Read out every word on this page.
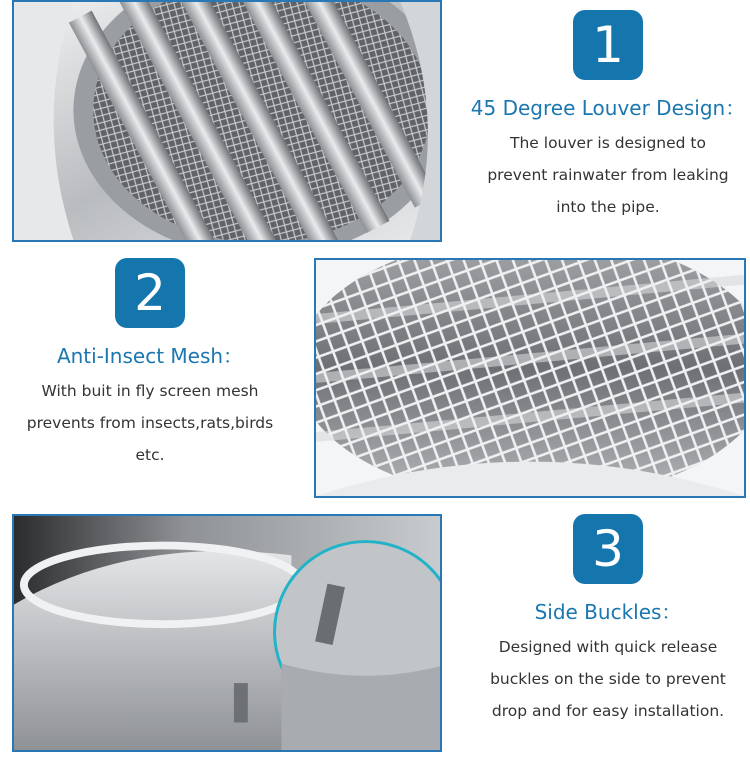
1
45 Degree Louver Design：
The louver is designed to
prevent rainwater from leaking
into the pipe.
2
Anti-Insect Mesh：
With buit in fly screen mesh
prevents from insects,rats,birds
etc.
3
Side Buckles：
Designed with quick release
buckles on the side to prevent
drop and for easy installation.
